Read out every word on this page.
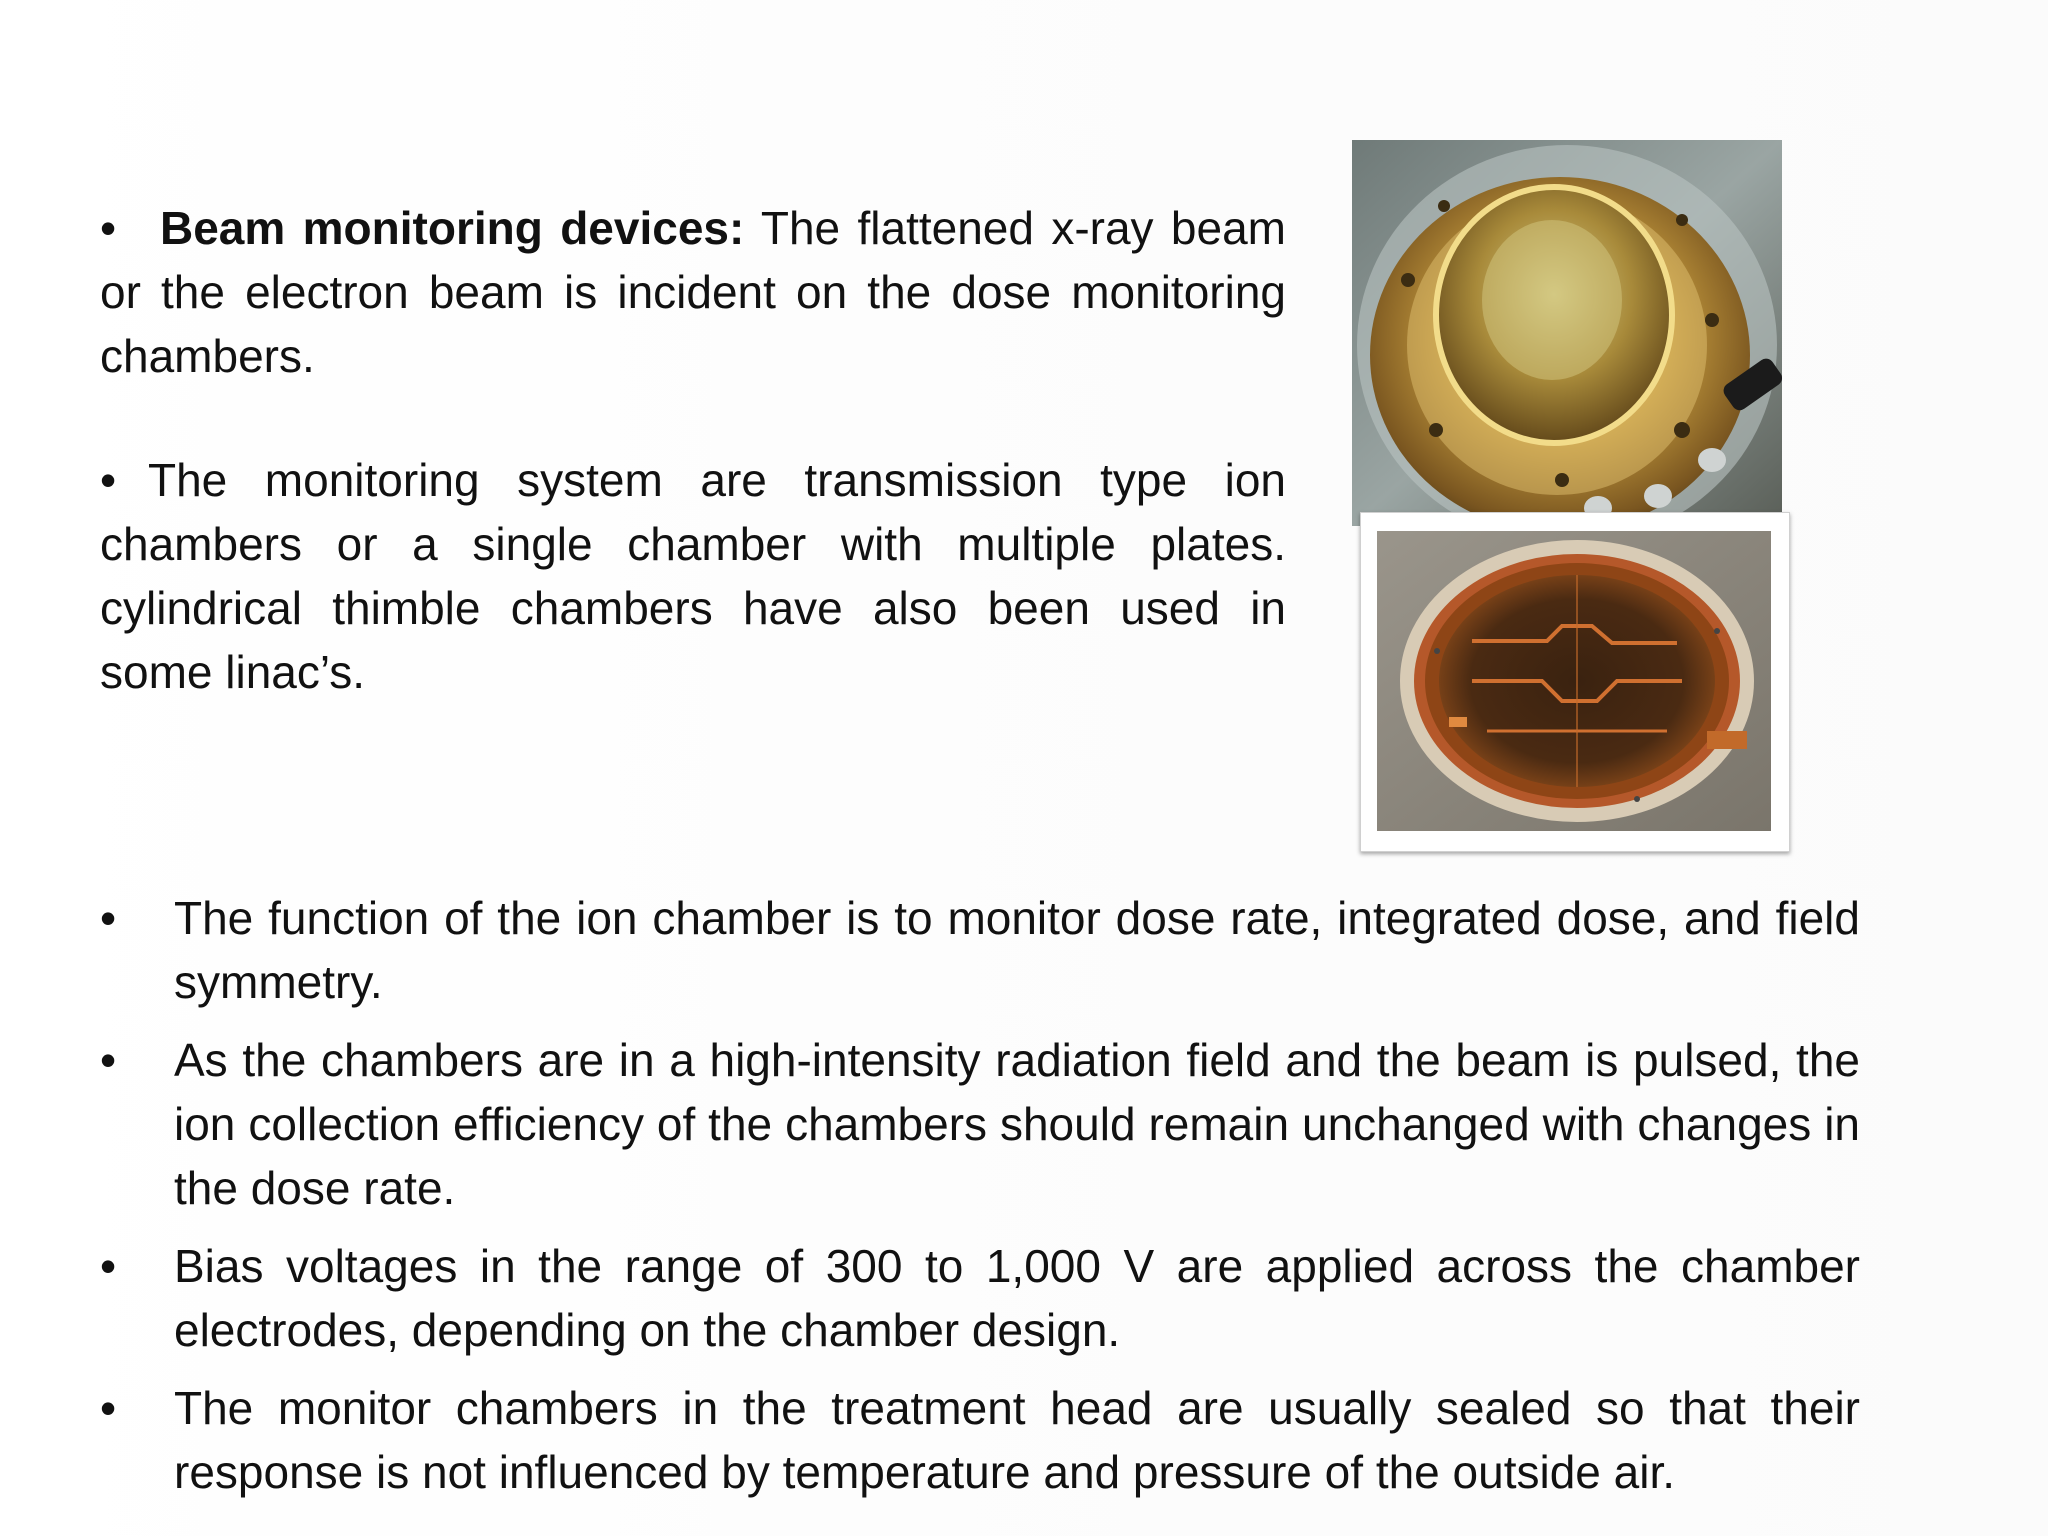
• Beam monitoring devices: The flattened x-ray beam or the electron beam is incident on the dose monitoring chambers.

• The monitoring system are transmission type ion chambers or a single chamber with multiple plates. cylindrical thimble chambers have also been used in some linac’s.

•	The function of the ion chamber is to monitor dose rate, integrated dose, and field symmetry.
•	As the chambers are in a high-intensity radiation field and the beam is pulsed, the ion collection efficiency of the chambers should remain unchanged with changes in the dose rate.
•	Bias voltages in the range of 300 to 1,000 V are applied across the chamber electrodes, depending on the chamber design.
•	The monitor chambers in the treatment head are usually sealed so that their response is not influenced by temperature and pressure of the outside air.
